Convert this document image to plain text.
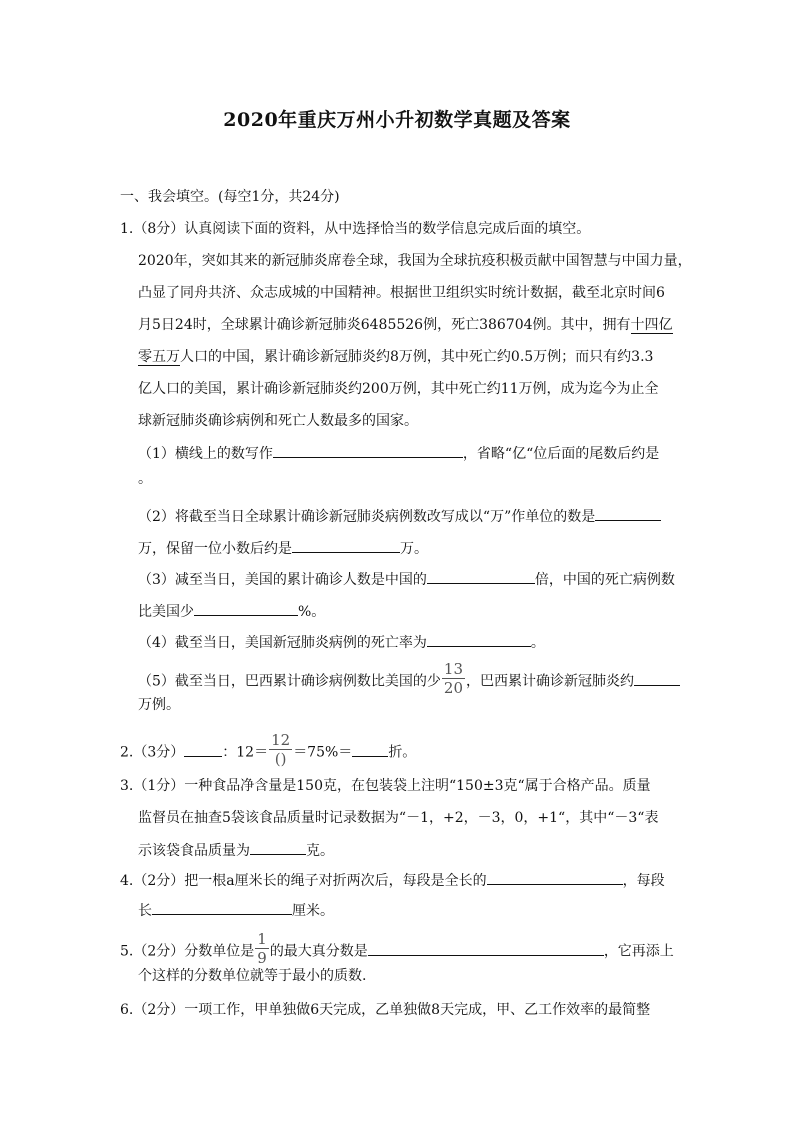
2020年重庆万州小升初数学真题及答案
一、我会填空。(每空1分，共24分)
1.（8分）认真阅读下面的资料，从中选择恰当的数学信息完成后面的填空。
2020年，突如其来的新冠肺炎席卷全球，我国为全球抗疫积极贡献中国智慧与中国力量，
凸显了同舟共济、众志成城的中国精神。根据世卫组织实时统计数据，截至北京时间6
月5日24时，全球累计确诊新冠肺炎6485526例，死亡386704例。其中，拥有十四亿
零五万人口的中国，累计确诊新冠肺炎约8万例，其中死亡约0.5万例；而只有约3.3
亿人口的美国，累计确诊新冠肺炎约200万例，其中死亡约11万例，成为迄今为止全
球新冠肺炎确诊病例和死亡人数最多的国家。
（1）横线上的数写作	，省略“亿“位后面的尾数后约是
。
（2）将截至当日全球累计确诊新冠肺炎病例数改写成以“万”作单位的数是
万，保留一位小数后约是	万。
（3）减至当日，美国的累计确诊人数是中国的	倍，中国的死亡病例数
比美国少	%。
（4）截至当日，美国新冠肺炎病例的死亡率为	。
（5）截至当日，巴西累计确诊病例数比美国的少 $\frac{13}{20}$ ，巴西累计确诊新冠肺炎约
万例。
2.（3分）	：$12= \frac{12}{()} =75\%=$	折。
3.（1分）一种食品净含量是150克，在包装袋上注明“150±3克“属于合格产品。质量
监督员在抽查5袋该食品质量时记录数据为“－1，+2，－3，0，+1“，其中“－3“表
示该袋食品质量为	克。
4.（2分）把一根a厘米长的绳子对折两次后，每段是全长的	，每段
长	厘米。
5.（2分）分数单位是 $\frac{1}{9}$ 的最大真分数是	，它再添上
个这样的分数单位就等于最小的质数.
6.（2分）一项工作，甲单独做6天完成，乙单独做8天完成，甲、乙工作效率的最简整
